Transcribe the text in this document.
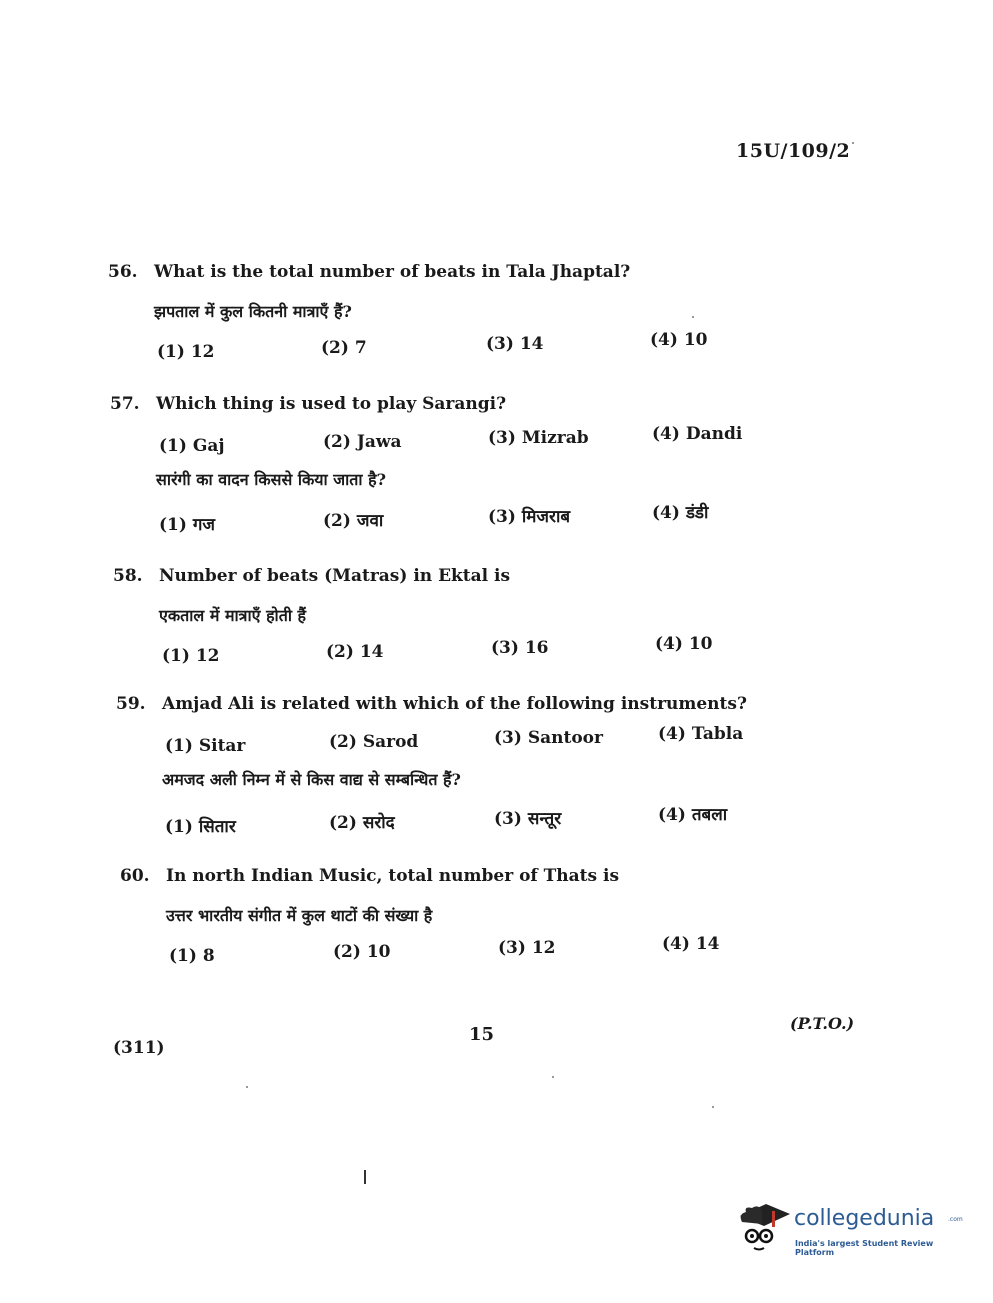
15U/109/2
56. What is the total number of beats in Tala Jhaptal?
झपताल में कुल कितनी मात्राएँ हैं?
(1) 12	(2) 7	(3) 14	(4) 10
57. Which thing is used to play Sarangi?
(1) Gaj	(2) Jawa	(3) Mizrab	(4) Dandi
सारंगी का वादन किससे किया जाता है?
(1) गज	(2) जवा	(3) मिजराब	(4) डंडी
58. Number of beats (Matras) in Ektal is
एकताल में मात्राएँ होती हैं
(1) 12	(2) 14	(3) 16	(4) 10
59. Amjad Ali is related with which of the following instruments?
(1) Sitar	(2) Sarod	(3) Santoor	(4) Tabla
अमजद अली निम्न में से किस वाद्य से सम्बन्धित हैं?
(1) सितार	(2) सरोद	(3) सन्तूर	(4) तबला
60. In north Indian Music, total number of Thats is
उत्तर भारतीय संगीत में कुल थाटों की संख्या है
(1) 8	(2) 10	(3) 12	(4) 14
(311)
15
(P.T.O.)
collegedunia .com
India's largest Student Review Platform
